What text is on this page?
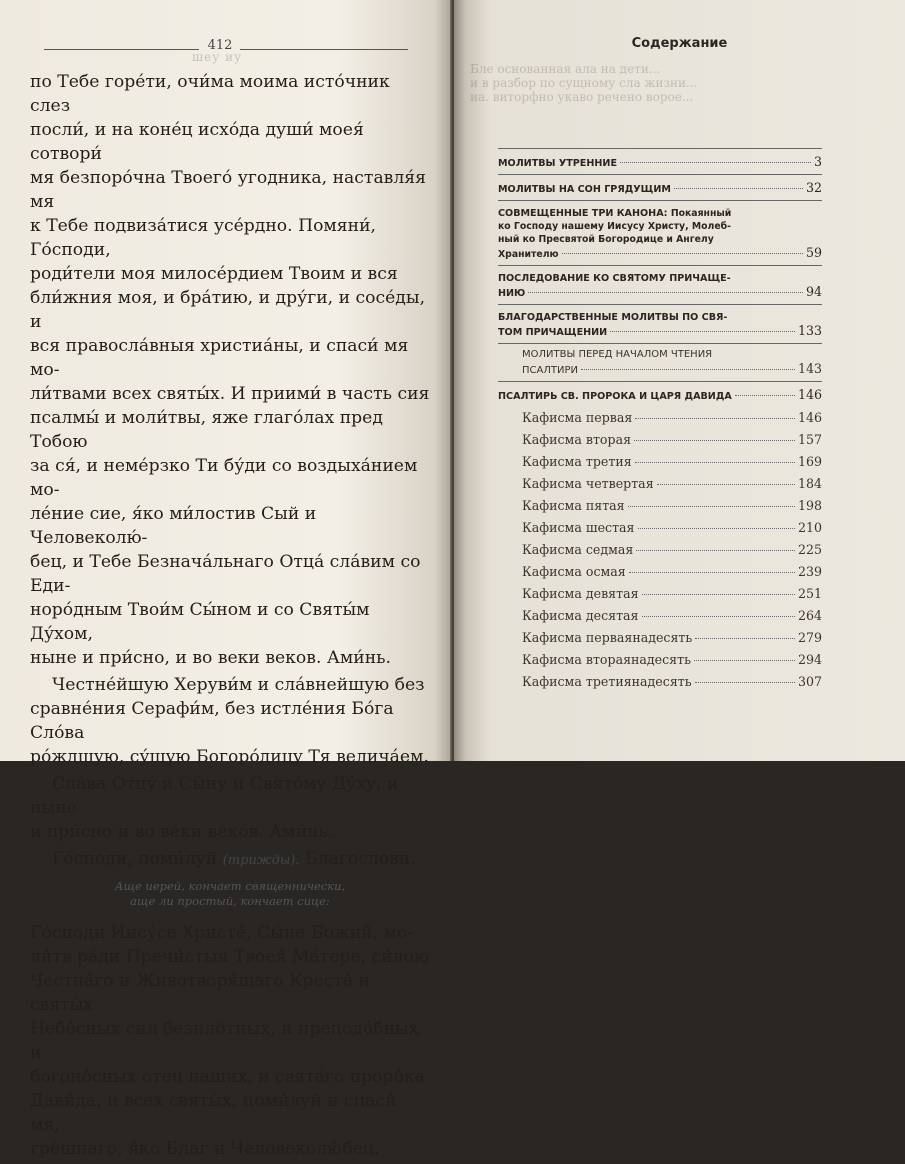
412
шеу иу

по Тебе горе́ти, очи́ма моима исто́чник слез
посли́, и на коне́ц исхо́да души́ моея́ сотвори́
мя безпоро́чна Твоего́ угодника, наставля́я мя
к Тебе подвиза́тися усе́рдно. Помяни́, Го́споди,
роди́тели моя милосе́рдием Твоим и вся
бли́жния моя, и бра́тию, и дру́ги, и сосе́ды, и
вся правосла́вныя христиа́ны, и спаси́ мя мо-
ли́твами всех святы́х. И приими́ в часть сия
псалмы́ и моли́твы, яже глаго́лах пред Тобою
за ся́, и неме́рзко Ти бу́ди со воздыха́нием мо-
ле́ние сие, я́ко ми́лостив Сый и Человеколю́-
бец, и Тебе Безнача́льнаго Отца́ сла́вим со Еди-
норо́дным Твои́м Сы́ном и со Святы́м Ду́хом,
ныне и при́сно, и во веки веков. Ами́нь.

Честне́йшую Херуви́м и сла́внейшую без
сравне́ния Серафи́м, без истле́ния Бо́га Сло́ва
ро́ждшую, су́щую Богоро́дицу Тя велича́ем.

Сла́ва Отцу́ и Сы́ну и Свято́му Ду́ху, и ныне
и при́сно и во ве́ки веко́в. Ами́нь.

Го́споди, поми́луй (трижды). Благослови́.

Аще иерей, кончает священнически,
аще ли простый, кончает сице:

Го́споди Иису́се Христе́, Сы́не Божий, мо-
ли́тв ра́ди Пречи́стыя Твоея́ Ма́тере, си́лою
Честна́го и Животворя́щаго Креста́ и святы́х
Небе́сных сил безпло́тных, и преподо́бных и
богоно́сных отец наших, и свята́го проро́ка
Дави́да, и всех святы́х, поми́луй и спаси́ мя,
гре́шнаго, я́ко Благ и Человеколю́бец.

Бле основанная ала на дети...
и в разбор по сущному сла жизни...
иа. виторфно укаво речено ворое...
Содержание
МОЛИТВЫ УТРЕННИЕ	3
МОЛИТВЫ НА СОН ГРЯДУЩИМ	32
СОВМЕЩЕННЫЕ ТРИ КАНОНА: Покаянный
ко Господу нашему Иисусу Христу, Молеб-
ный ко Пресвятой Богородице и Ангелу
Хранителю	59
ПОСЛЕДОВАНИЕ КО СВЯТОМУ ПРИЧАЩЕ-
НИЮ	94
БЛАГОДАРСТВЕННЫЕ МОЛИТВЫ ПО СВЯ-
ТОМ ПРИЧАЩЕНИИ	133
МОЛИТВЫ ПЕРЕД НАЧАЛОМ ЧТЕНИЯ
ПСАЛТИРИ	143
ПСАЛТИРЬ СВ. ПРОРОКА И ЦАРЯ ДАВИДА	146
Кафисма первая	146
Кафисма вторая	157
Кафисма третия	169
Кафисма четвертая	184
Кафисма пятая	198
Кафисма шестая	210
Кафисма седмая	225
Кафисма осмая	239
Кафисма девятая	251
Кафисма десятая	264
Кафисма перваянадесять	279
Кафисма втораянадесять	294
Кафисма третиянадесять	307
